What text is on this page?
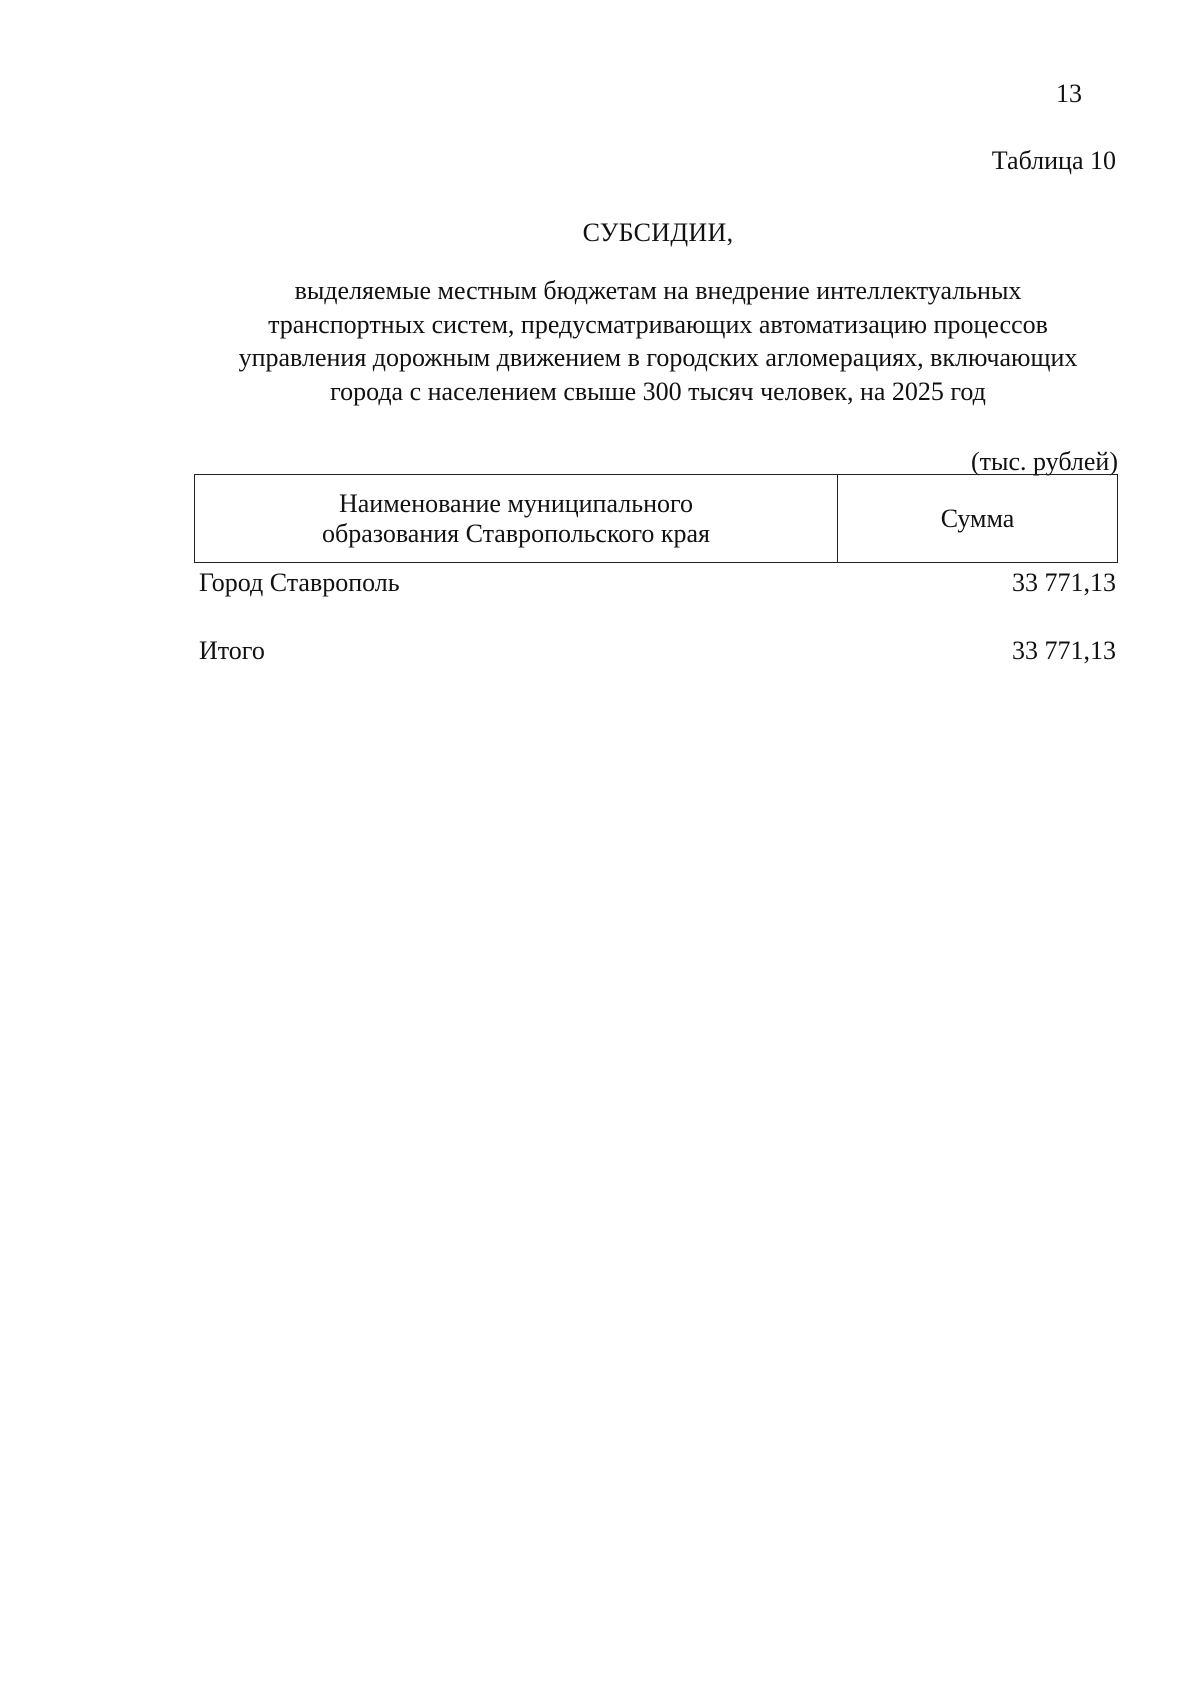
13
Таблица 10
СУБСИДИИ,
выделяемые местным бюджетам на внедрение интеллектуальных
транспортных систем, предусматривающих автоматизацию процессов
управления дорожным движением в городских агломерациях, включающих
города с населением свыше 300 тысяч человек, на 2025 год
(тыс. рублей)
Наименование муниципального
образования Ставропольского края
Сумма
Город Ставрополь	33 771,13
Итого	33 771,13
